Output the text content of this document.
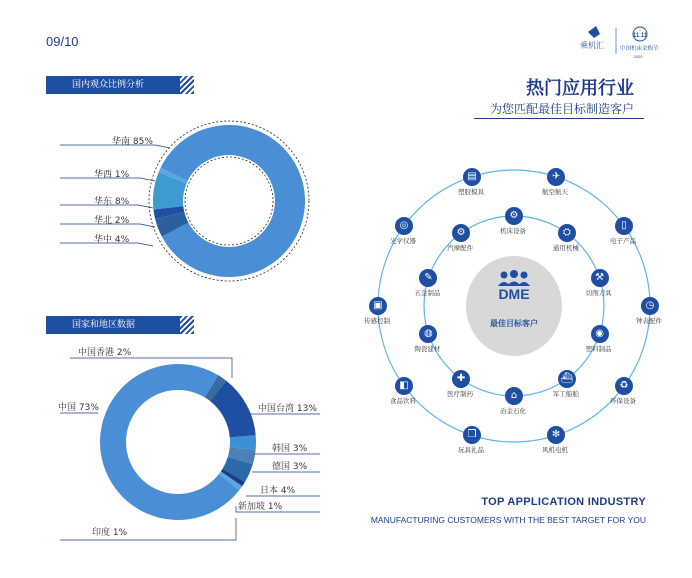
09/10	乘机汇
11.11
中国机床采购节
2020
国内观众比例分析
华南 85%
华西 1%
华东 8%
华北 2%
华中 4%
国家和地区数据
中国台湾 13%
韩国 3%
德国 3%
日本 4%
新加坡 1%
印度 1%
中国 73%
中国香港 2%
热门应用行业
为您匹配最佳目标制造客户
DME
最佳目标客户
⚙
机床设备	⛭
通用机械
⚒
切削刀具
◉
塑料制品
⛴
军工船舶
⌂
冶金石化
✚
医疗制药
◍
陶瓷建材
✎
五金制品
⚙
汽摩配件
✈
航空航天
▯
电子产品
◷
钟表配件
♻
环保设备
✻
风机电机
❒
玩具礼品
◧
食品饮料
▣
传感控制
◎
光学仪器
▤
塑胶模具
TOP APPLICATION INDUSTRY
MANUFACTURING CUSTOMERS WITH THE BEST TARGET FOR YOU
